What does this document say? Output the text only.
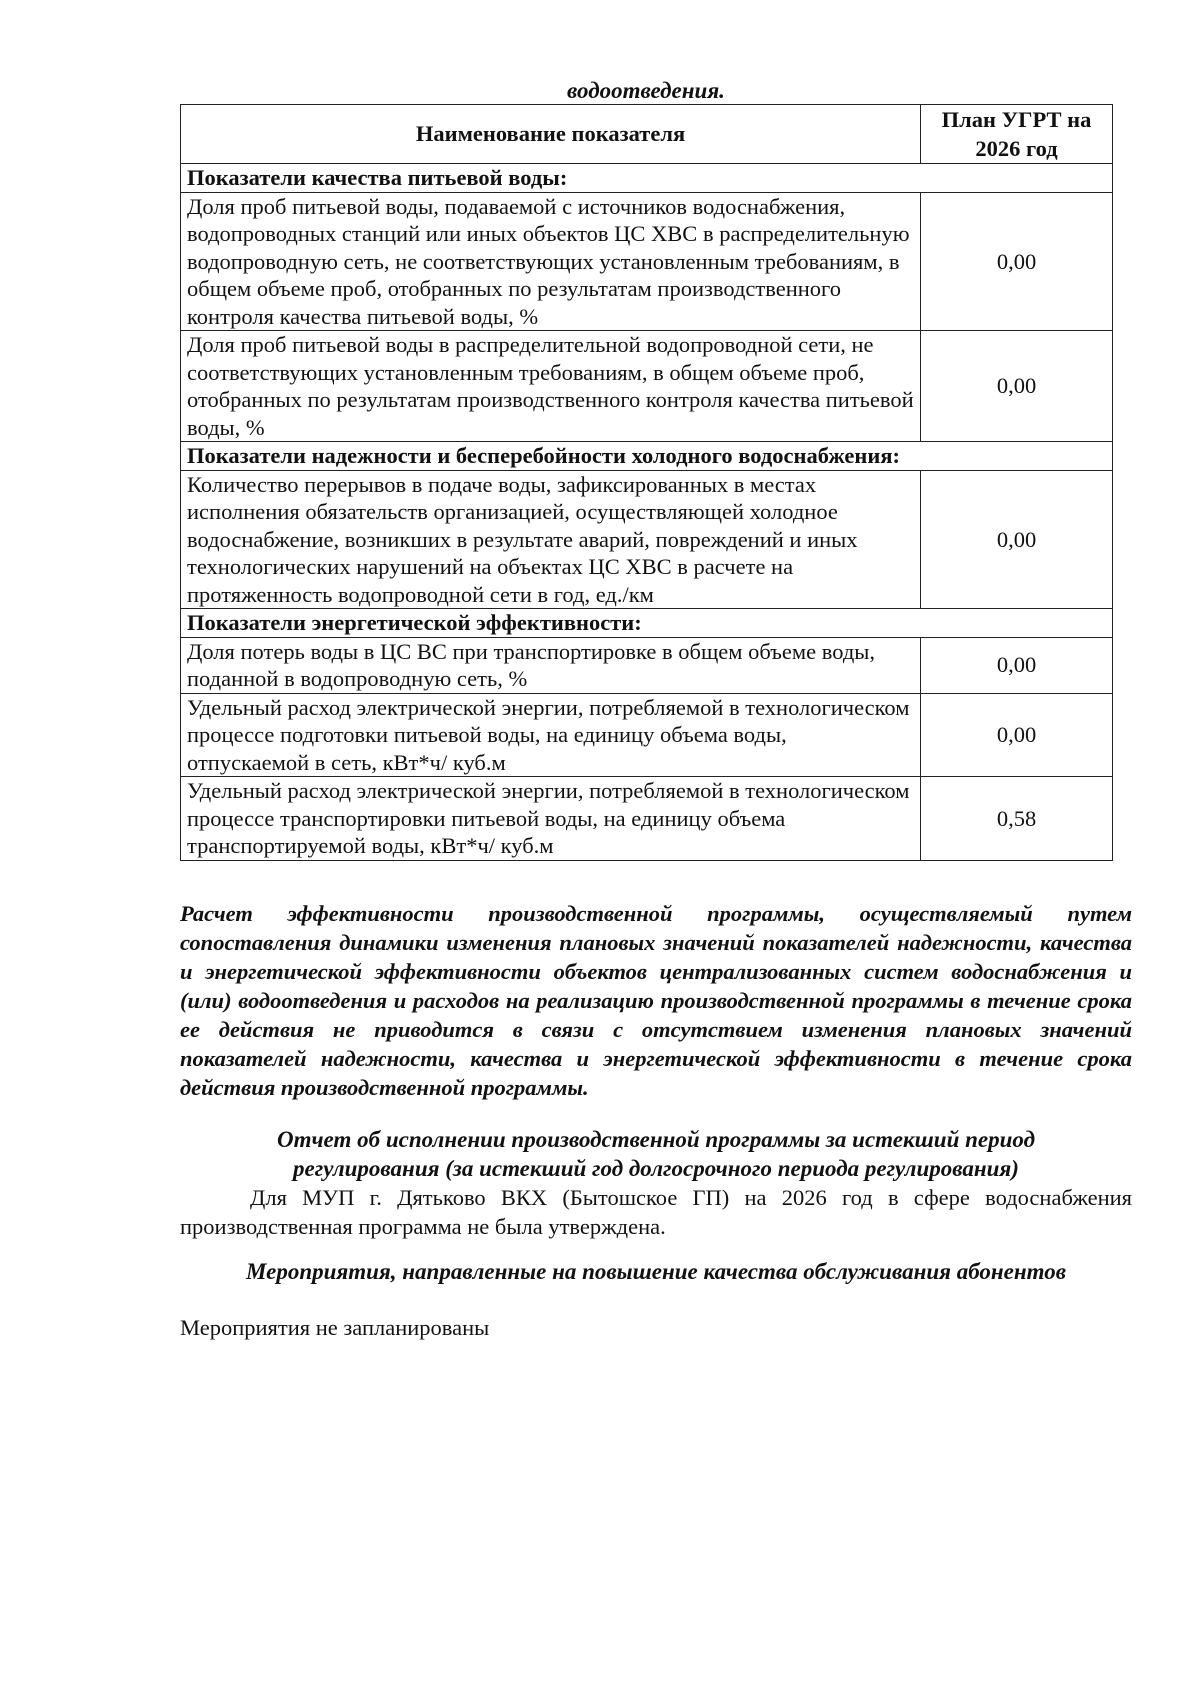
водоотведения.
Наименование показателя	План УГРТ на 2026 год
Показатели качества питьевой воды:	
Доля проб питьевой воды, подаваемой с источников водоснабжения, водопроводных станций или иных объектов ЦС ХВС в распределительную водопроводную сеть, не соответствующих установленным требованиям, в общем объеме проб, отобранных по результатам производственного контроля качества питьевой воды, %	0,00
Доля проб питьевой воды в распределительной водопроводной сети, не соответствующих установленным требованиям, в общем объеме проб, отобранных по результатам производственного контроля качества питьевой воды, %	0,00
Показатели надежности и бесперебойности холодного водоснабжения:	
Количество перерывов в подаче воды, зафиксированных в местах исполнения обязательств организацией, осуществляющей холодное водоснабжение, возникших в результате аварий, повреждений и иных технологических нарушений на объектах ЦС ХВС в расчете на протяженность водопроводной сети в год, ед./км	0,00
Показатели энергетической эффективности:	
Доля потерь воды в ЦС ВС при транспортировке в общем объеме воды, поданной в водопроводную сеть, %	0,00
Удельный расход электрической энергии, потребляемой в технологическом процессе подготовки питьевой воды, на единицу объема воды, отпускаемой в сеть, кВт*ч/ куб.м	0,00
Удельный расход электрической энергии, потребляемой в технологическом процессе транспортировки питьевой воды, на единицу объема транспортируемой воды, кВт*ч/ куб.м	0,58
Расчет эффективности производственной программы, осуществляемый путем сопоставления динамики изменения плановых значений показателей надежности, качества и энергетической эффективности объектов централизованных систем водоснабжения и (или) водоотведения и расходов на реализацию производственной программы в течение срока ее действия не приводится в связи с отсутствием изменения плановых значений показателей надежности, качества и энергетической эффективности в течение срока действия производственной программы.
Отчет об исполнении производственной программы за истекший период
регулирования (за истекший год долгосрочного периода регулирования)
Для МУП г. Дятьково ВКХ (Бытошское ГП) на 2026 год в сфере водоснабжения производственная программа не была утверждена.
Мероприятия, направленные на повышение качества обслуживания абонентов
Мероприятия не запланированы
